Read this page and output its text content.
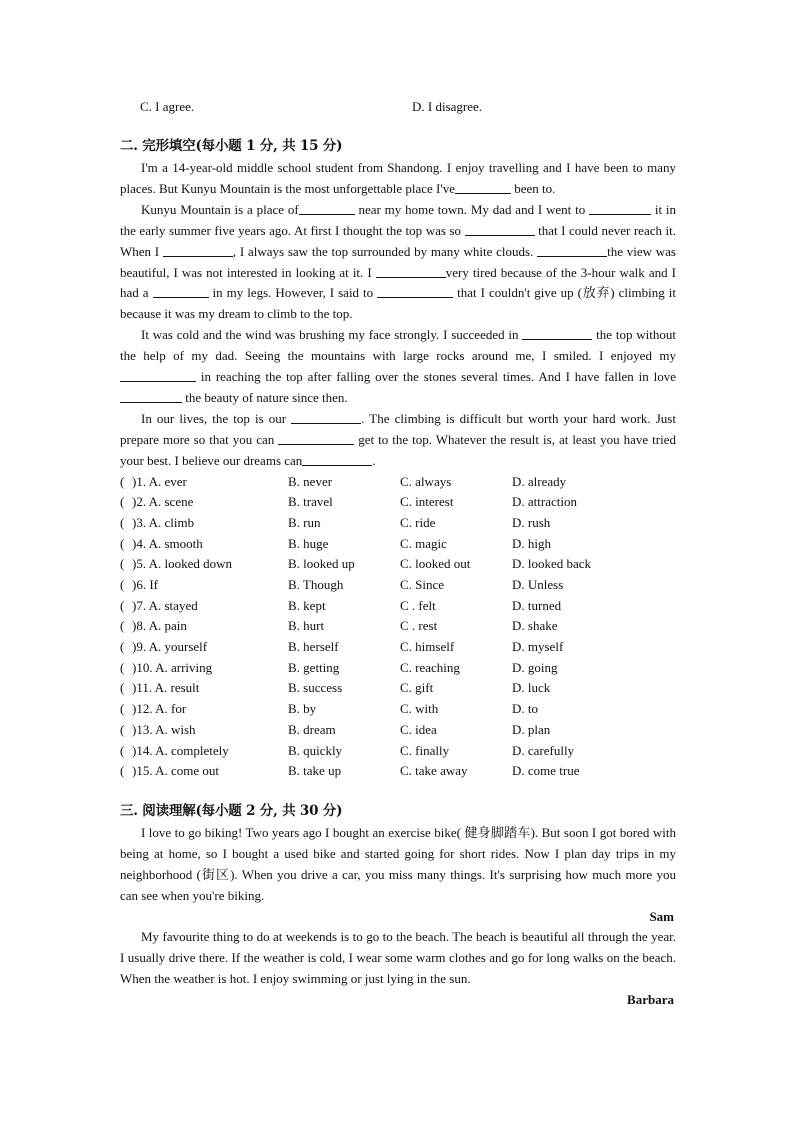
C. I agree.	D. I disagree.
二. 完形填空(每小题 1 分, 共 15 分)

I'm a 14-year-old middle school student from Shandong. I enjoy travelling and I have been to many places. But Kunyu Mountain is the most unforgettable place I've	been to.

Kunyu Mountain is a place of	near my home town. My dad and I went to	it in the early summer five years ago. At first I thought the top was so	that I could never reach it. When I	, I always saw the top surrounded by many white clouds.	the view was beautiful, I was not interested in looking at it. I	very tired because of the 3-hour walk and I had a	in my legs. However, I said to	that I couldn't give up (放弃) climbing it because it was my dream to climb to the top.

It was cold and the wind was brushing my face strongly. I succeeded in	the top without the help of my dad. Seeing the mountains with large rocks around me, I smiled. I enjoyed my  in reaching the top after falling over the stones several times. And I have fallen in love the beauty of nature since then.

In our lives, the top is our	. The climbing is difficult but worth your hard work. Just prepare more so that you can	get to the top. Whatever the result is, at least you have tried your best. I believe our dreams can	.

( )1. A. ever	B. never	C. always	D. already
( )2. A. scene	B. travel	C. interest	D. attraction
( )3. A. climb	B. run	C. ride	D. rush
( )4. A. smooth	B. huge	C. magic	D. high
( )5. A. looked down	B. looked up	C. looked out	D. looked back
( )6. If	B. Though	C. Since	D. Unless
( )7. A. stayed	B. kept	C . felt	D. turned
( )8. A. pain	B. hurt	C . rest	D. shake
( )9. A. yourself	B. herself	C. himself	D. myself
( )10. A. arriving	B. getting	C. reaching	D. going
( )11. A. result	B. success	C. gift	D. luck
( )12. A. for	B. by	C. with	D. to
( )13. A. wish	B. dream	C. idea	D. plan
( )14. A. completely	B. quickly	C. finally	D. carefully
( )15. A. come out	B. take up	C. take away	D. come true
三. 阅读理解(每小题 2 分, 共 30 分)

I love to go biking! Two years ago I bought an exercise bike( 健身脚踏车). But soon I got bored with being at home, so I bought a used bike and started going for short rides. Now I plan day trips in my neighborhood (街区). When you drive a car, you miss many things. It's surprising how much more you can see when you're biking.

Sam

My favourite thing to do at weekends is to go to the beach. The beach is beautiful all through the year. I usually drive there. If the weather is cold, I wear some warm clothes and go for long walks on the beach. When the weather is hot. I enjoy swimming or just lying in the sun.

Barbara
